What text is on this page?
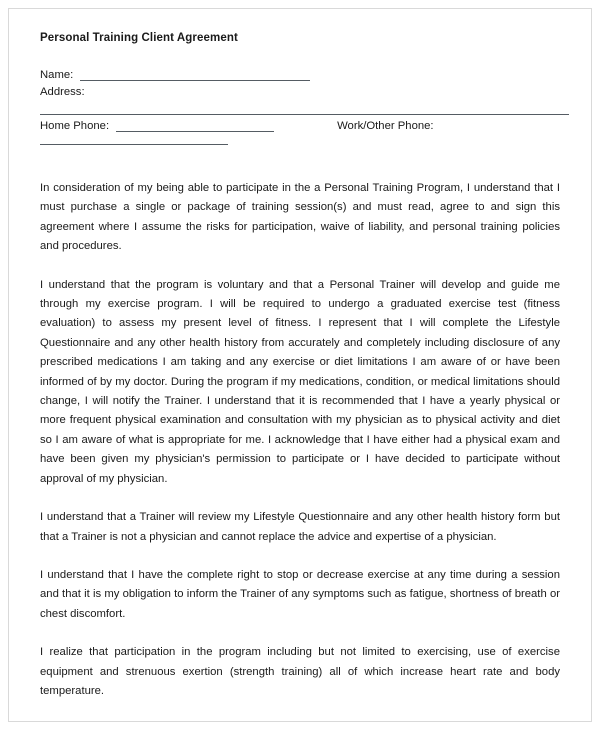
Personal Training Client Agreement
Name:
Address:
Home Phone:	Work/Other Phone:

In consideration of my being able to participate in the a Personal Training Program, I understand that I must purchase a single or package of training session(s) and must read, agree to and sign this agreement where I assume the risks for participation, waive of liability, and personal training policies and procedures.

I understand that the program is voluntary and that a Personal Trainer will develop and guide me through my exercise program. I will be required to undergo a graduated exercise test (fitness evaluation) to assess my present level of fitness. I represent that I will complete the Lifestyle Questionnaire and any other health history from accurately and completely including disclosure of any prescribed medications I am taking and any exercise or diet limitations I am aware of or have been informed of by my doctor. During the program if my medications, condition, or medical limitations should change, I will notify the Trainer. I understand that it is recommended that I have a yearly physical or more frequent physical examination and consultation with my physician as to physical activity and diet so I am aware of what is appropriate for me. I acknowledge that I have either had a physical exam and have been given my physician's permission to participate or I have decided to participate without approval of my physician.

I understand that a Trainer will review my Lifestyle Questionnaire and any other health history form but that a Trainer is not a physician and cannot replace the advice and expertise of a physician.

I understand that I have the complete right to stop or decrease exercise at any time during a session and that it is my obligation to inform the Trainer of any symptoms such as fatigue, shortness of breath or chest discomfort.

I realize that participation in the program including but not limited to exercising, use of exercise equipment and strenuous exertion (strength training) all of which increase heart rate and body temperature.
